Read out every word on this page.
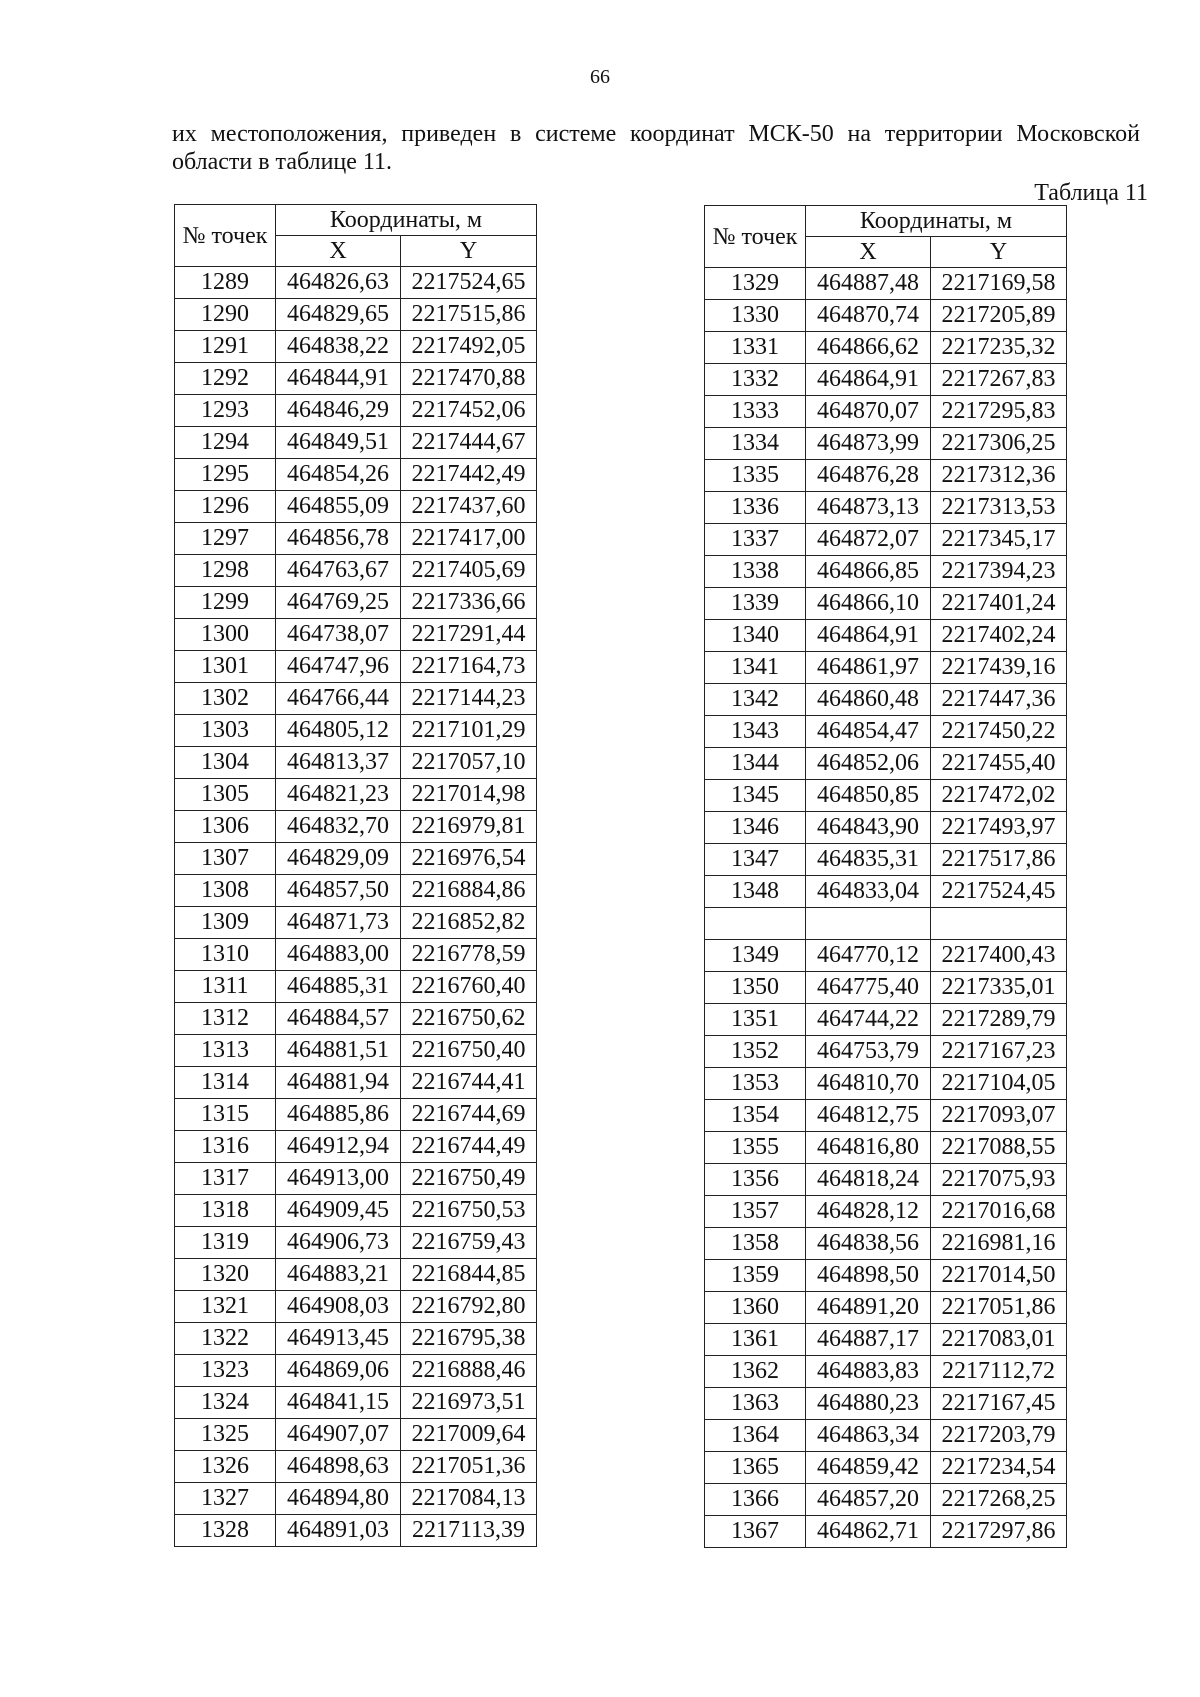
66
их местоположения, приведен в системе координат МСК-50 на территории Московской области в таблице 11.
Таблица 11
№ точек	Координаты, м	
	X	Y
1289	464826,63	2217524,65
1290	464829,65	2217515,86
1291	464838,22	2217492,05
1292	464844,91	2217470,88
1293	464846,29	2217452,06
1294	464849,51	2217444,67
1295	464854,26	2217442,49
1296	464855,09	2217437,60
1297	464856,78	2217417,00
1298	464763,67	2217405,69
1299	464769,25	2217336,66
1300	464738,07	2217291,44
1301	464747,96	2217164,73
1302	464766,44	2217144,23
1303	464805,12	2217101,29
1304	464813,37	2217057,10
1305	464821,23	2217014,98
1306	464832,70	2216979,81
1307	464829,09	2216976,54
1308	464857,50	2216884,86
1309	464871,73	2216852,82
1310	464883,00	2216778,59
1311	464885,31	2216760,40
1312	464884,57	2216750,62
1313	464881,51	2216750,40
1314	464881,94	2216744,41
1315	464885,86	2216744,69
1316	464912,94	2216744,49
1317	464913,00	2216750,49
1318	464909,45	2216750,53
1319	464906,73	2216759,43
1320	464883,21	2216844,85
1321	464908,03	2216792,80
1322	464913,45	2216795,38
1323	464869,06	2216888,46
1324	464841,15	2216973,51
1325	464907,07	2217009,64
1326	464898,63	2217051,36
1327	464894,80	2217084,13
1328	464891,03	2217113,39
№ точек	Координаты, м	
	X	Y
1329	464887,48	2217169,58
1330	464870,74	2217205,89
1331	464866,62	2217235,32
1332	464864,91	2217267,83
1333	464870,07	2217295,83
1334	464873,99	2217306,25
1335	464876,28	2217312,36
1336	464873,13	2217313,53
1337	464872,07	2217345,17
1338	464866,85	2217394,23
1339	464866,10	2217401,24
1340	464864,91	2217402,24
1341	464861,97	2217439,16
1342	464860,48	2217447,36
1343	464854,47	2217450,22
1344	464852,06	2217455,40
1345	464850,85	2217472,02
1346	464843,90	2217493,97
1347	464835,31	2217517,86
1348	464833,04	2217524,45

1349	464770,12	2217400,43
1350	464775,40	2217335,01
1351	464744,22	2217289,79
1352	464753,79	2217167,23
1353	464810,70	2217104,05
1354	464812,75	2217093,07
1355	464816,80	2217088,55
1356	464818,24	2217075,93
1357	464828,12	2217016,68
1358	464838,56	2216981,16
1359	464898,50	2217014,50
1360	464891,20	2217051,86
1361	464887,17	2217083,01
1362	464883,83	2217112,72
1363	464880,23	2217167,45
1364	464863,34	2217203,79
1365	464859,42	2217234,54
1366	464857,20	2217268,25
1367	464862,71	2217297,86
